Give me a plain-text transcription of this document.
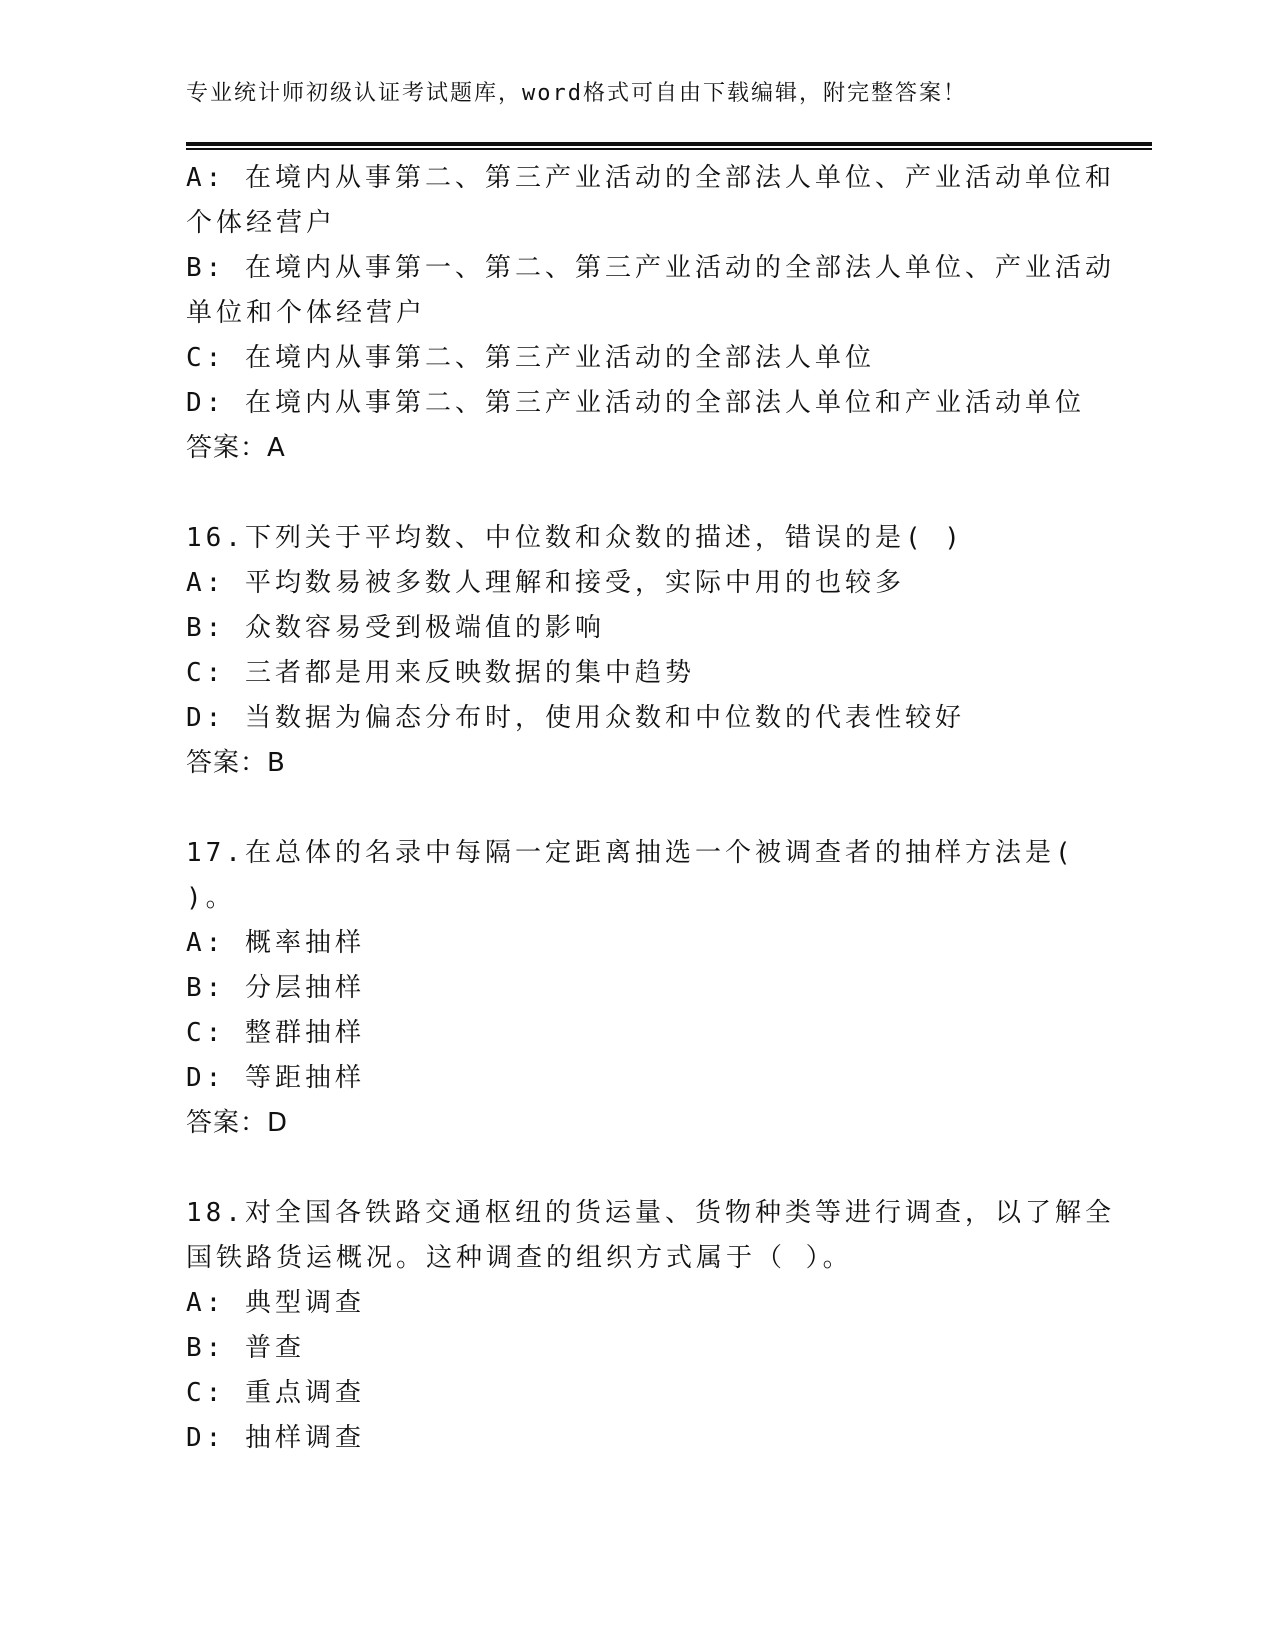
专业统计师初级认证考试题库，word格式可自由下载编辑，附完整答案！
A: 在境内从事第二、第三产业活动的全部法人单位、产业活动单位和
个体经营户
B: 在境内从事第一、第二、第三产业活动的全部法人单位、产业活动
单位和个体经营户
C: 在境内从事第二、第三产业活动的全部法人单位
D: 在境内从事第二、第三产业活动的全部法人单位和产业活动单位
答案：A
16.下列关于平均数、中位数和众数的描述，错误的是( )
A: 平均数易被多数人理解和接受，实际中用的也较多
B: 众数容易受到极端值的影响
C: 三者都是用来反映数据的集中趋势
D: 当数据为偏态分布时，使用众数和中位数的代表性较好
答案：B
17.在总体的名录中每隔一定距离抽选一个被调查者的抽样方法是(
)。
A: 概率抽样
B: 分层抽样
C: 整群抽样
D: 等距抽样
答案：D
18.对全国各铁路交通枢纽的货运量、货物种类等进行调查，以了解全
国铁路货运概况。这种调查的组织方式属于（ ）。
A: 典型调查
B: 普查
C: 重点调查
D: 抽样调查
